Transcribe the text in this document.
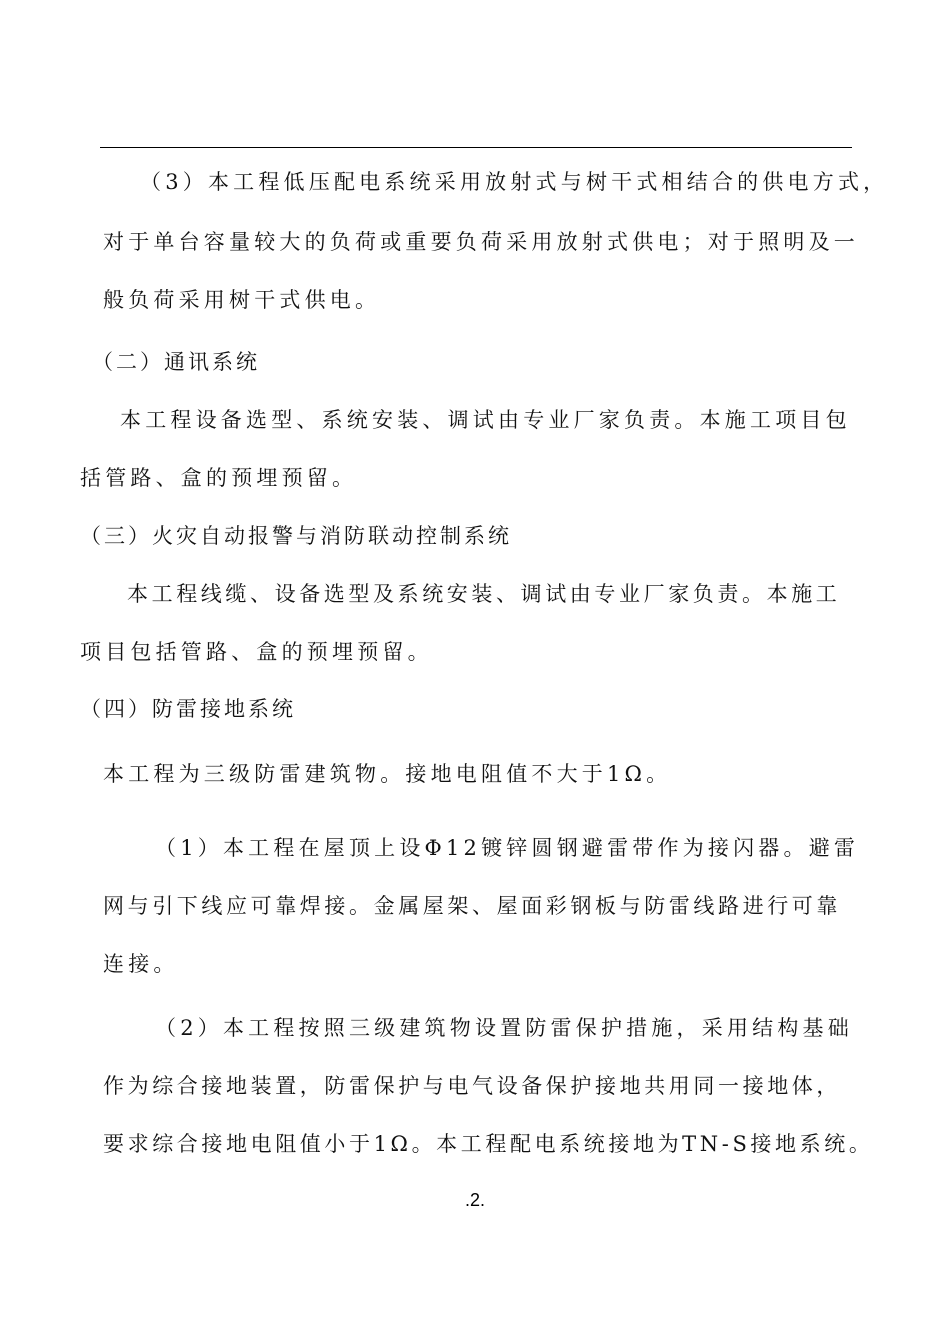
（3）本工程低压配电系统采用放射式与树干式相结合的供电方式，
对于单台容量较大的负荷或重要负荷采用放射式供电；对于照明及一
般负荷采用树干式供电。
（二）通讯系统
本工程设备选型、系统安装、调试由专业厂家负责。本施工项目包
括管路、盒的预埋预留。
（三）火灾自动报警与消防联动控制系统
本工程线缆、设备选型及系统安装、调试由专业厂家负责。本施工
项目包括管路、盒的预埋预留。
（四）防雷接地系统
本工程为三级防雷建筑物。接地电阻值不大于1Ω。
（1）本工程在屋顶上设Φ12镀锌圆钢避雷带作为接闪器。避雷
网与引下线应可靠焊接。金属屋架、屋面彩钢板与防雷线路进行可靠
连接。
（2）本工程按照三级建筑物设置防雷保护措施，采用结构基础
作为综合接地装置，防雷保护与电气设备保护接地共用同一接地体，
要求综合接地电阻值小于1Ω。本工程配电系统接地为TN-S接地系统。
.2.
